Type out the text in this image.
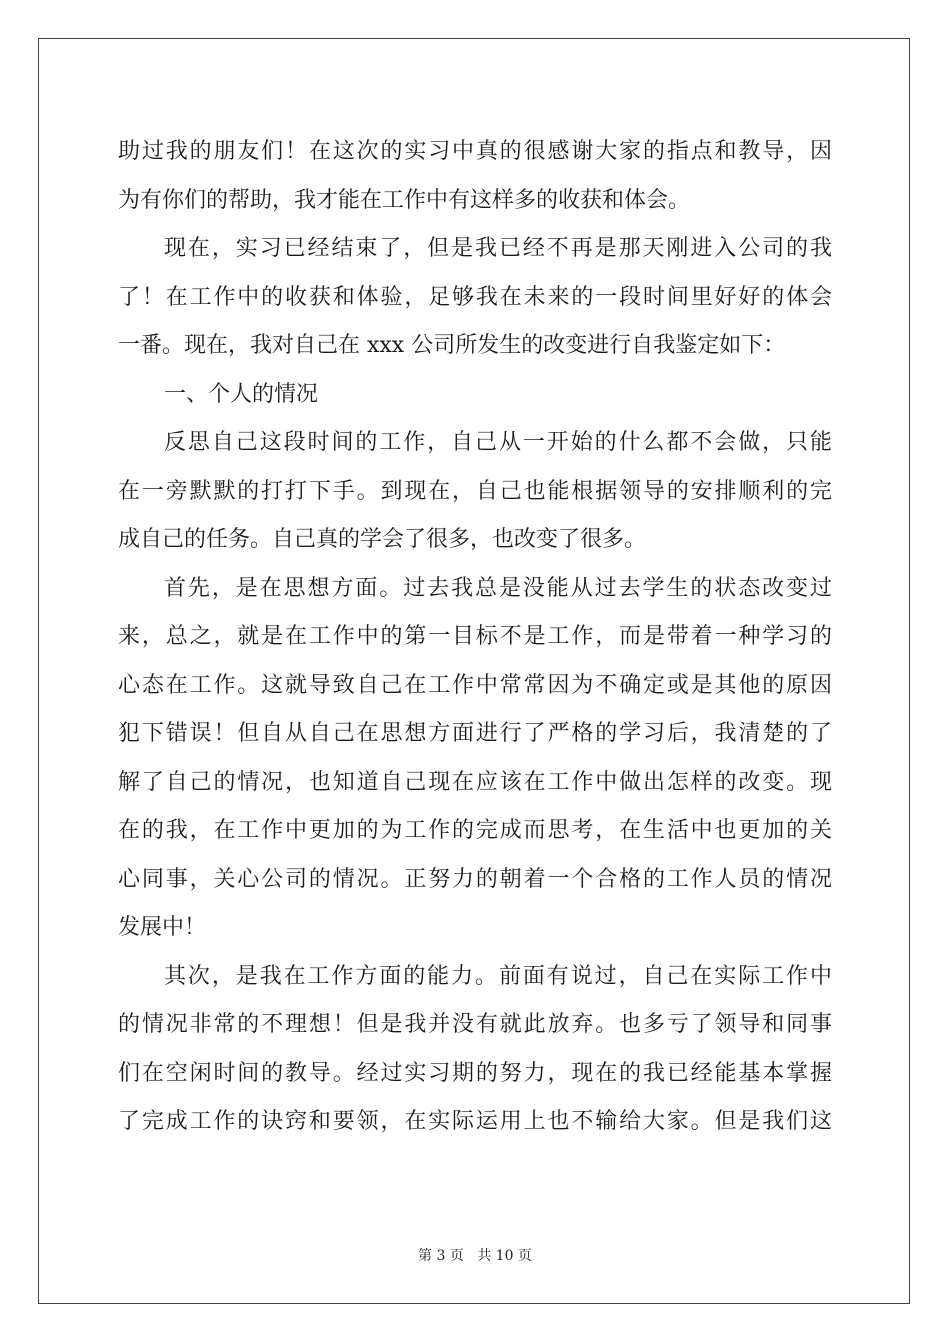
助过我的朋友们！在这次的实习中真的很感谢大家的指点和教导，因
为有你们的帮助，我才能在工作中有这样多的收获和体会。
现在，实习已经结束了，但是我已经不再是那天刚进入公司的我
了！在工作中的收获和体验，足够我在未来的一段时间里好好的体会
一番。现在，我对自己在 xxx 公司所发生的改变进行自我鉴定如下：
一、个人的情况
反思自己这段时间的工作，自己从一开始的什么都不会做，只能
在一旁默默的打打下手。到现在，自己也能根据领导的安排顺利的完
成自己的任务。自己真的学会了很多，也改变了很多。
首先，是在思想方面。过去我总是没能从过去学生的状态改变过
来，总之，就是在工作中的第一目标不是工作，而是带着一种学习的
心态在工作。这就导致自己在工作中常常因为不确定或是其他的原因
犯下错误！但自从自己在思想方面进行了严格的学习后，我清楚的了
解了自己的情况，也知道自己现在应该在工作中做出怎样的改变。现
在的我，在工作中更加的为工作的完成而思考，在生活中也更加的关
心同事，关心公司的情况。正努力的朝着一个合格的工作人员的情况
发展中！
其次，是我在工作方面的能力。前面有说过，自己在实际工作中
的情况非常的不理想！但是我并没有就此放弃。也多亏了领导和同事
们在空闲时间的教导。经过实习期的努力，现在的我已经能基本掌握
了完成工作的诀窍和要领，在实际运用上也不输给大家。但是我们这
第 3 页 共 10 页
